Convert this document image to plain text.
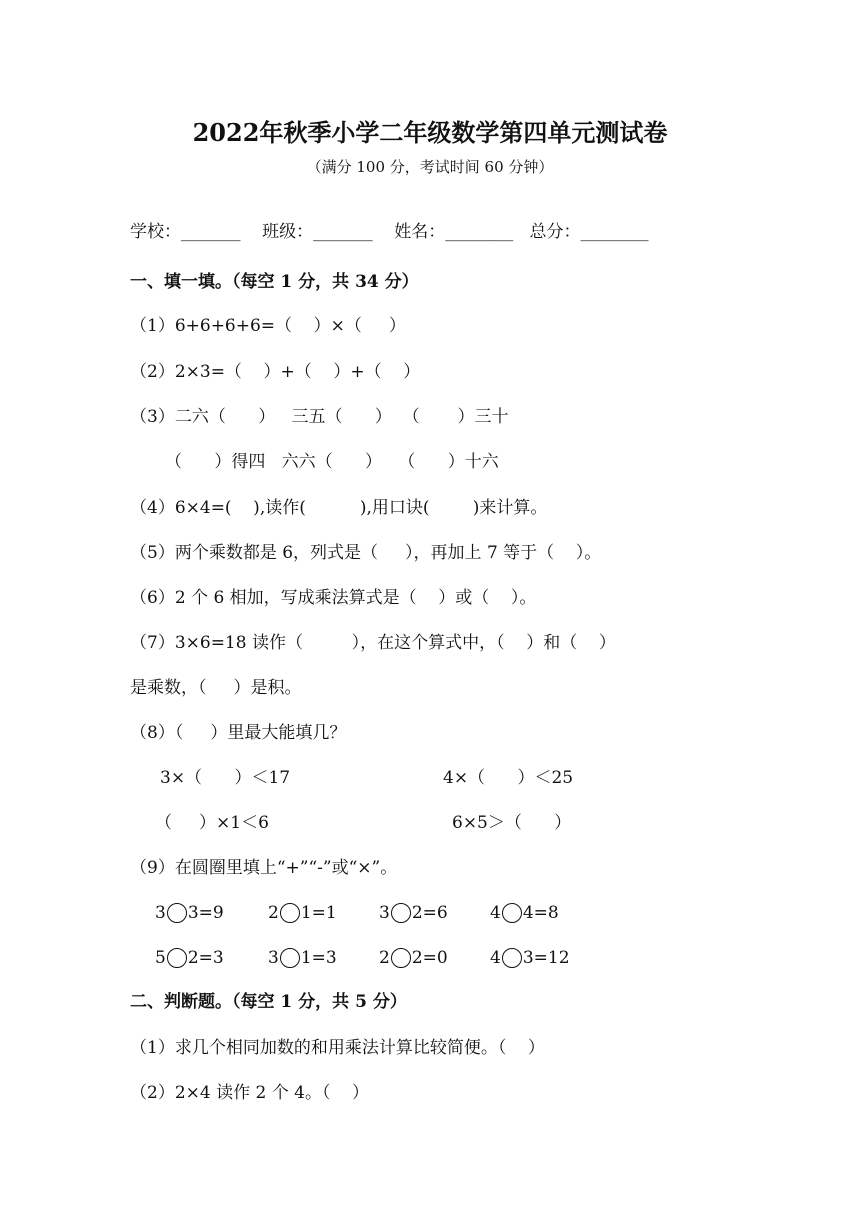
2022年秋季小学二年级数学第四单元测试卷
（满分 100 分，考试时间 60 分钟）
学校：_______    班级：_______    姓名：________   总分：________
一、填一填。（每空 1 分，共 34 分）
（1）6+6+6+6=（    ）×（     ）
（2）2×3=（    ）+（    ）+（    ）
（3）二六（      ）   三五（      ）  （       ）三十
（      ）得四   六六（      ）   （      ）十六
（4）6×4=(    ),读作(          ),用口诀(        )来计算。
（5）两个乘数都是 6，列式是（     ），再加上 7 等于（    ）。
（6）2 个 6 相加，写成乘法算式是（    ）或（    ）。
（7）3×6=18 读作（         ），在这个算式中，（    ）和（    ）
是乘数，（     ）是积。
（8）（     ）里最大能填几？
3×（      ）＜17	4×（      ）＜25
（     ）×1＜6	6×5＞（      ）
（9）在圆圈里填上“+”“-”或“×”。
3 3=9	2 1=1 3 2=6 4 4=8
5 2=3	3 1=3 2 2=0 4 3=12
二、判断题。（每空 1 分，共 5 分）
（1）求几个相同加数的和用乘法计算比较简便。（    ）
（2）2×4 读作 2 个 4。（    ）
